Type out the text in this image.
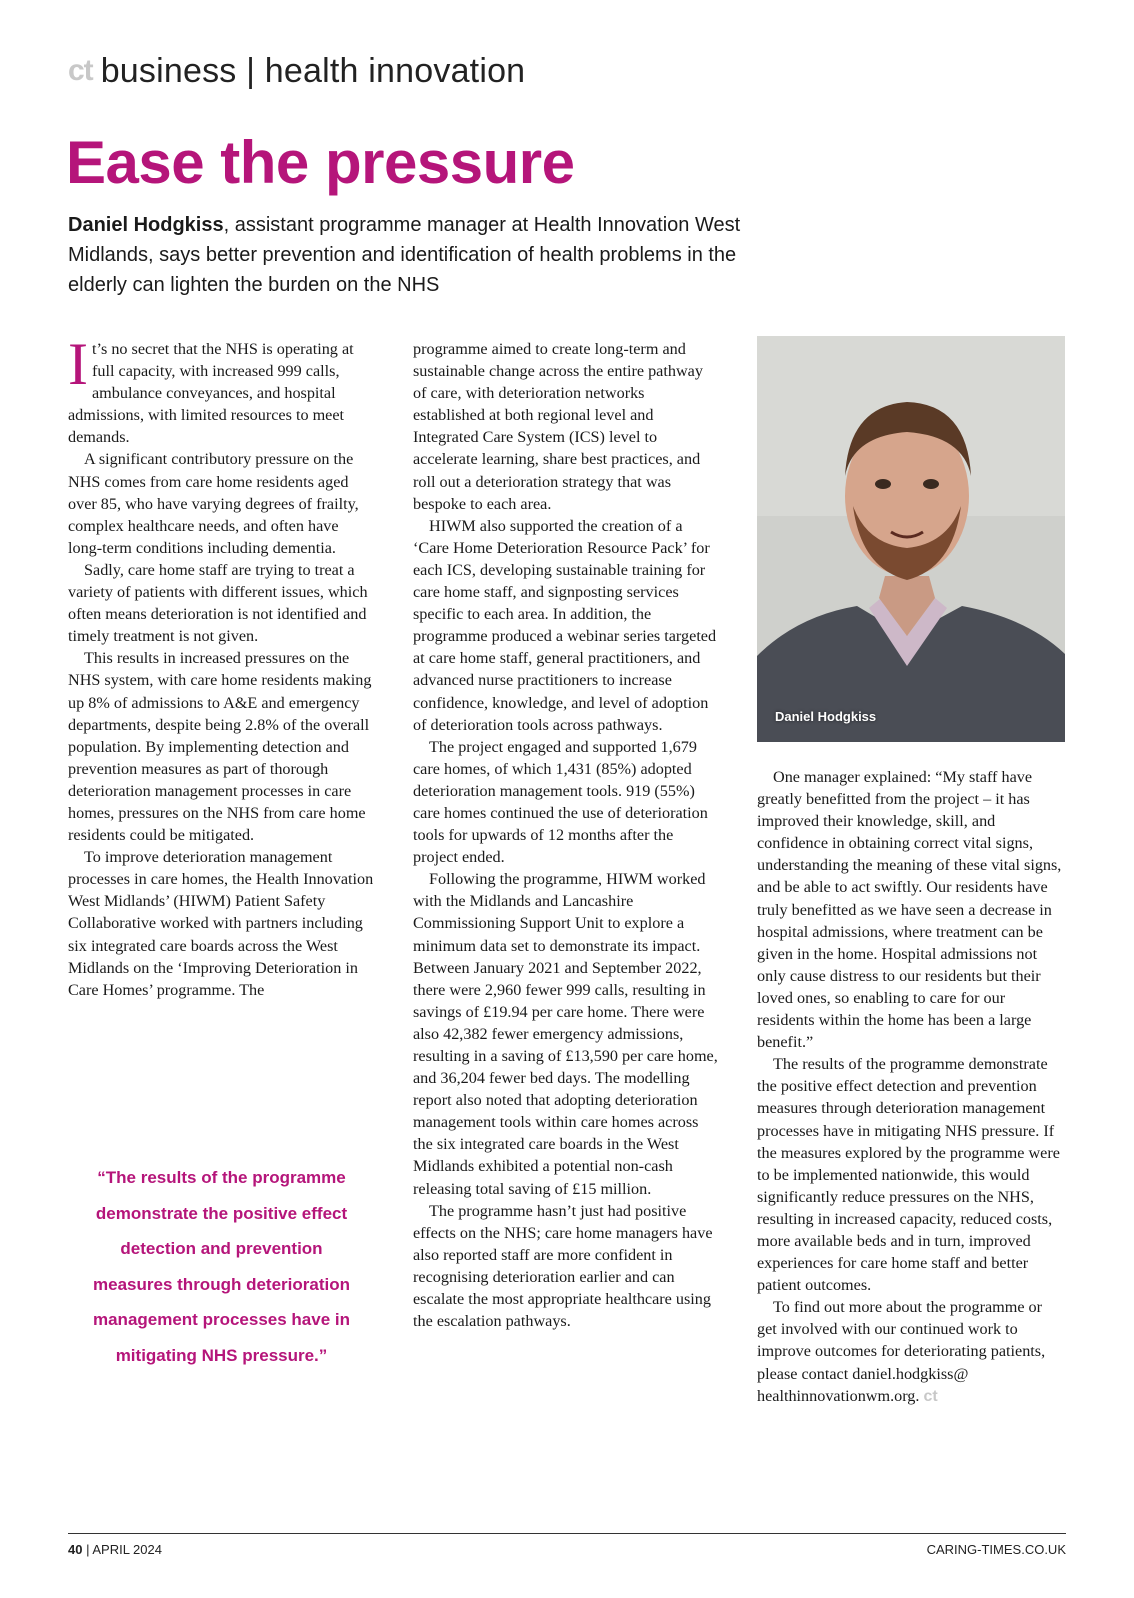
ct business | health innovation
Ease the pressure

Daniel Hodgkiss, assistant programme manager at Health Innovation West Midlands, says better prevention and identification of health problems in the elderly can lighten the burden on the NHS

It’s no secret that the NHS is operating at full capacity, with increased 999 calls, ambulance conveyances, and hospital admissions, with limited resources to meet demands.

A significant contributory pressure on the NHS comes from care home residents aged over 85, who have varying degrees of frailty, complex healthcare needs, and often have long-term conditions including dementia.

Sadly, care home staff are trying to treat a variety of patients with different issues, which often means deterioration is not identified and timely treatment is not given.

This results in increased pressures on the NHS system, with care home residents making up 8% of admissions to A&E and emergency departments, despite being 2.8% of the overall population. By implementing detection and prevention measures as part of thorough deterioration management processes in care homes, pressures on the NHS from care home residents could be mitigated.

To improve deterioration management processes in care homes, the Health Innovation West Midlands’ (HIWM) Patient Safety Collaborative worked with partners including six integrated care boards across the West Midlands on the ‘Improving Deterioration in Care Homes’ programme. The

“The results of the programme demonstrate the positive effect detection and prevention measures through deterioration management processes have in mitigating NHS pressure.”

programme aimed to create long-term and sustainable change across the entire pathway of care, with deterioration networks established at both regional level and Integrated Care System (ICS) level to accelerate learning, share best practices, and roll out a deterioration strategy that was bespoke to each area.

HIWM also supported the creation of a ‘Care Home Deterioration Resource Pack’ for each ICS, developing sustainable training for care home staff, and signposting services specific to each area. In addition, the programme produced a webinar series targeted at care home staff, general practitioners, and advanced nurse practitioners to increase confidence, knowledge, and level of adoption of deterioration tools across pathways.

The project engaged and supported 1,679 care homes, of which 1,431 (85%) adopted deterioration management tools. 919 (55%) care homes continued the use of deterioration tools for upwards of 12 months after the project ended.

Following the programme, HIWM worked with the Midlands and Lancashire Commissioning Support Unit to explore a minimum data set to demonstrate its impact. Between January 2021 and September 2022, there were 2,960 fewer 999 calls, resulting in savings of £19.94 per care home. There were also 42,382 fewer emergency admissions, resulting in a saving of £13,590 per care home, and 36,204 fewer bed days. The modelling report also noted that adopting deterioration management tools within care homes across the six integrated care boards in the West Midlands exhibited a potential non-cash releasing total saving of £15 million.

The programme hasn’t just had positive effects on the NHS; care home managers have also reported staff are more confident in recognising deterioration earlier and can escalate the most appropriate healthcare using the escalation pathways.

Daniel Hodgkiss

One manager explained: “My staff have greatly benefitted from the project – it has improved their knowledge, skill, and confidence in obtaining correct vital signs, understanding the meaning of these vital signs, and be able to act swiftly. Our residents have truly benefitted as we have seen a decrease in hospital admissions, where treatment can be given in the home. Hospital admissions not only cause distress to our residents but their loved ones, so enabling to care for our residents within the home has been a large benefit.”

The results of the programme demonstrate the positive effect detection and prevention measures through deterioration management processes have in mitigating NHS pressure. If the measures explored by the programme were to be implemented nationwide, this would significantly reduce pressures on the NHS, resulting in increased capacity, reduced costs, more available beds and in turn, improved experiences for care home staff and better patient outcomes.

To find out more about the programme or get involved with our continued work to improve outcomes for deteriorating patients, please contact daniel.hodgkiss@ healthinnovationwm.org. ct

40 | APRIL 2024	CARING-TIMES.CO.UK
